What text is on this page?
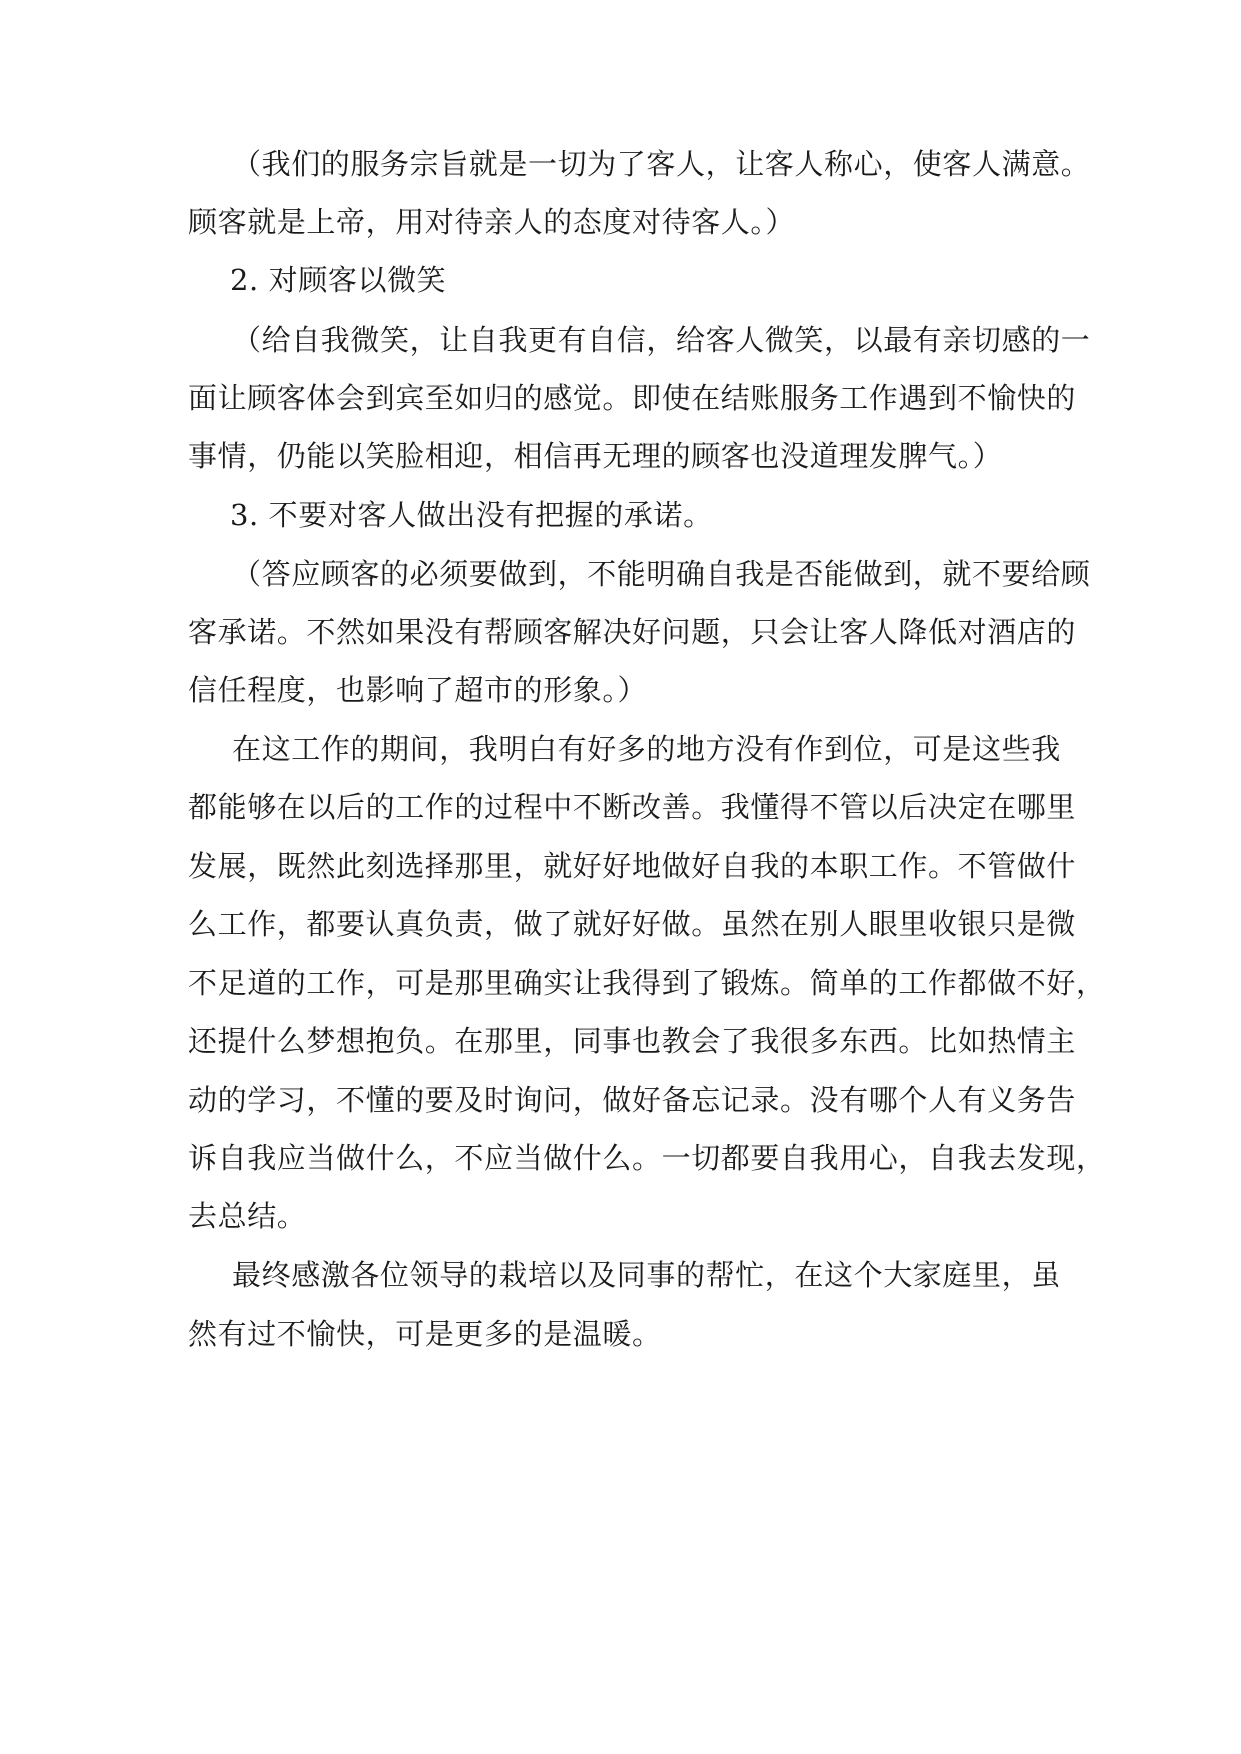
（我们的服务宗旨就是一切为了客人，让客人称心，使客人满意。
顾客就是上帝，用对待亲人的态度对待客人。）
2. 对顾客以微笑
（给自我微笑，让自我更有自信，给客人微笑，以最有亲切感的一
面让顾客体会到宾至如归的感觉。即使在结账服务工作遇到不愉快的
事情，仍能以笑脸相迎，相信再无理的顾客也没道理发脾气。）
3. 不要对客人做出没有把握的承诺。
（答应顾客的必须要做到，不能明确自我是否能做到，就不要给顾
客承诺。不然如果没有帮顾客解决好问题，只会让客人降低对酒店的
信任程度，也影响了超市的形象。）
在这工作的期间，我明白有好多的地方没有作到位，可是这些我
都能够在以后的工作的过程中不断改善。我懂得不管以后决定在哪里
发展，既然此刻选择那里，就好好地做好自我的本职工作。不管做什
么工作，都要认真负责，做了就好好做。虽然在别人眼里收银只是微
不足道的工作，可是那里确实让我得到了锻炼。简单的工作都做不好，
还提什么梦想抱负。在那里，同事也教会了我很多东西。比如热情主
动的学习，不懂的要及时询问，做好备忘记录。没有哪个人有义务告
诉自我应当做什么，不应当做什么。一切都要自我用心，自我去发现，
去总结。
最终感激各位领导的栽培以及同事的帮忙，在这个大家庭里，虽
然有过不愉快，可是更多的是温暖。
